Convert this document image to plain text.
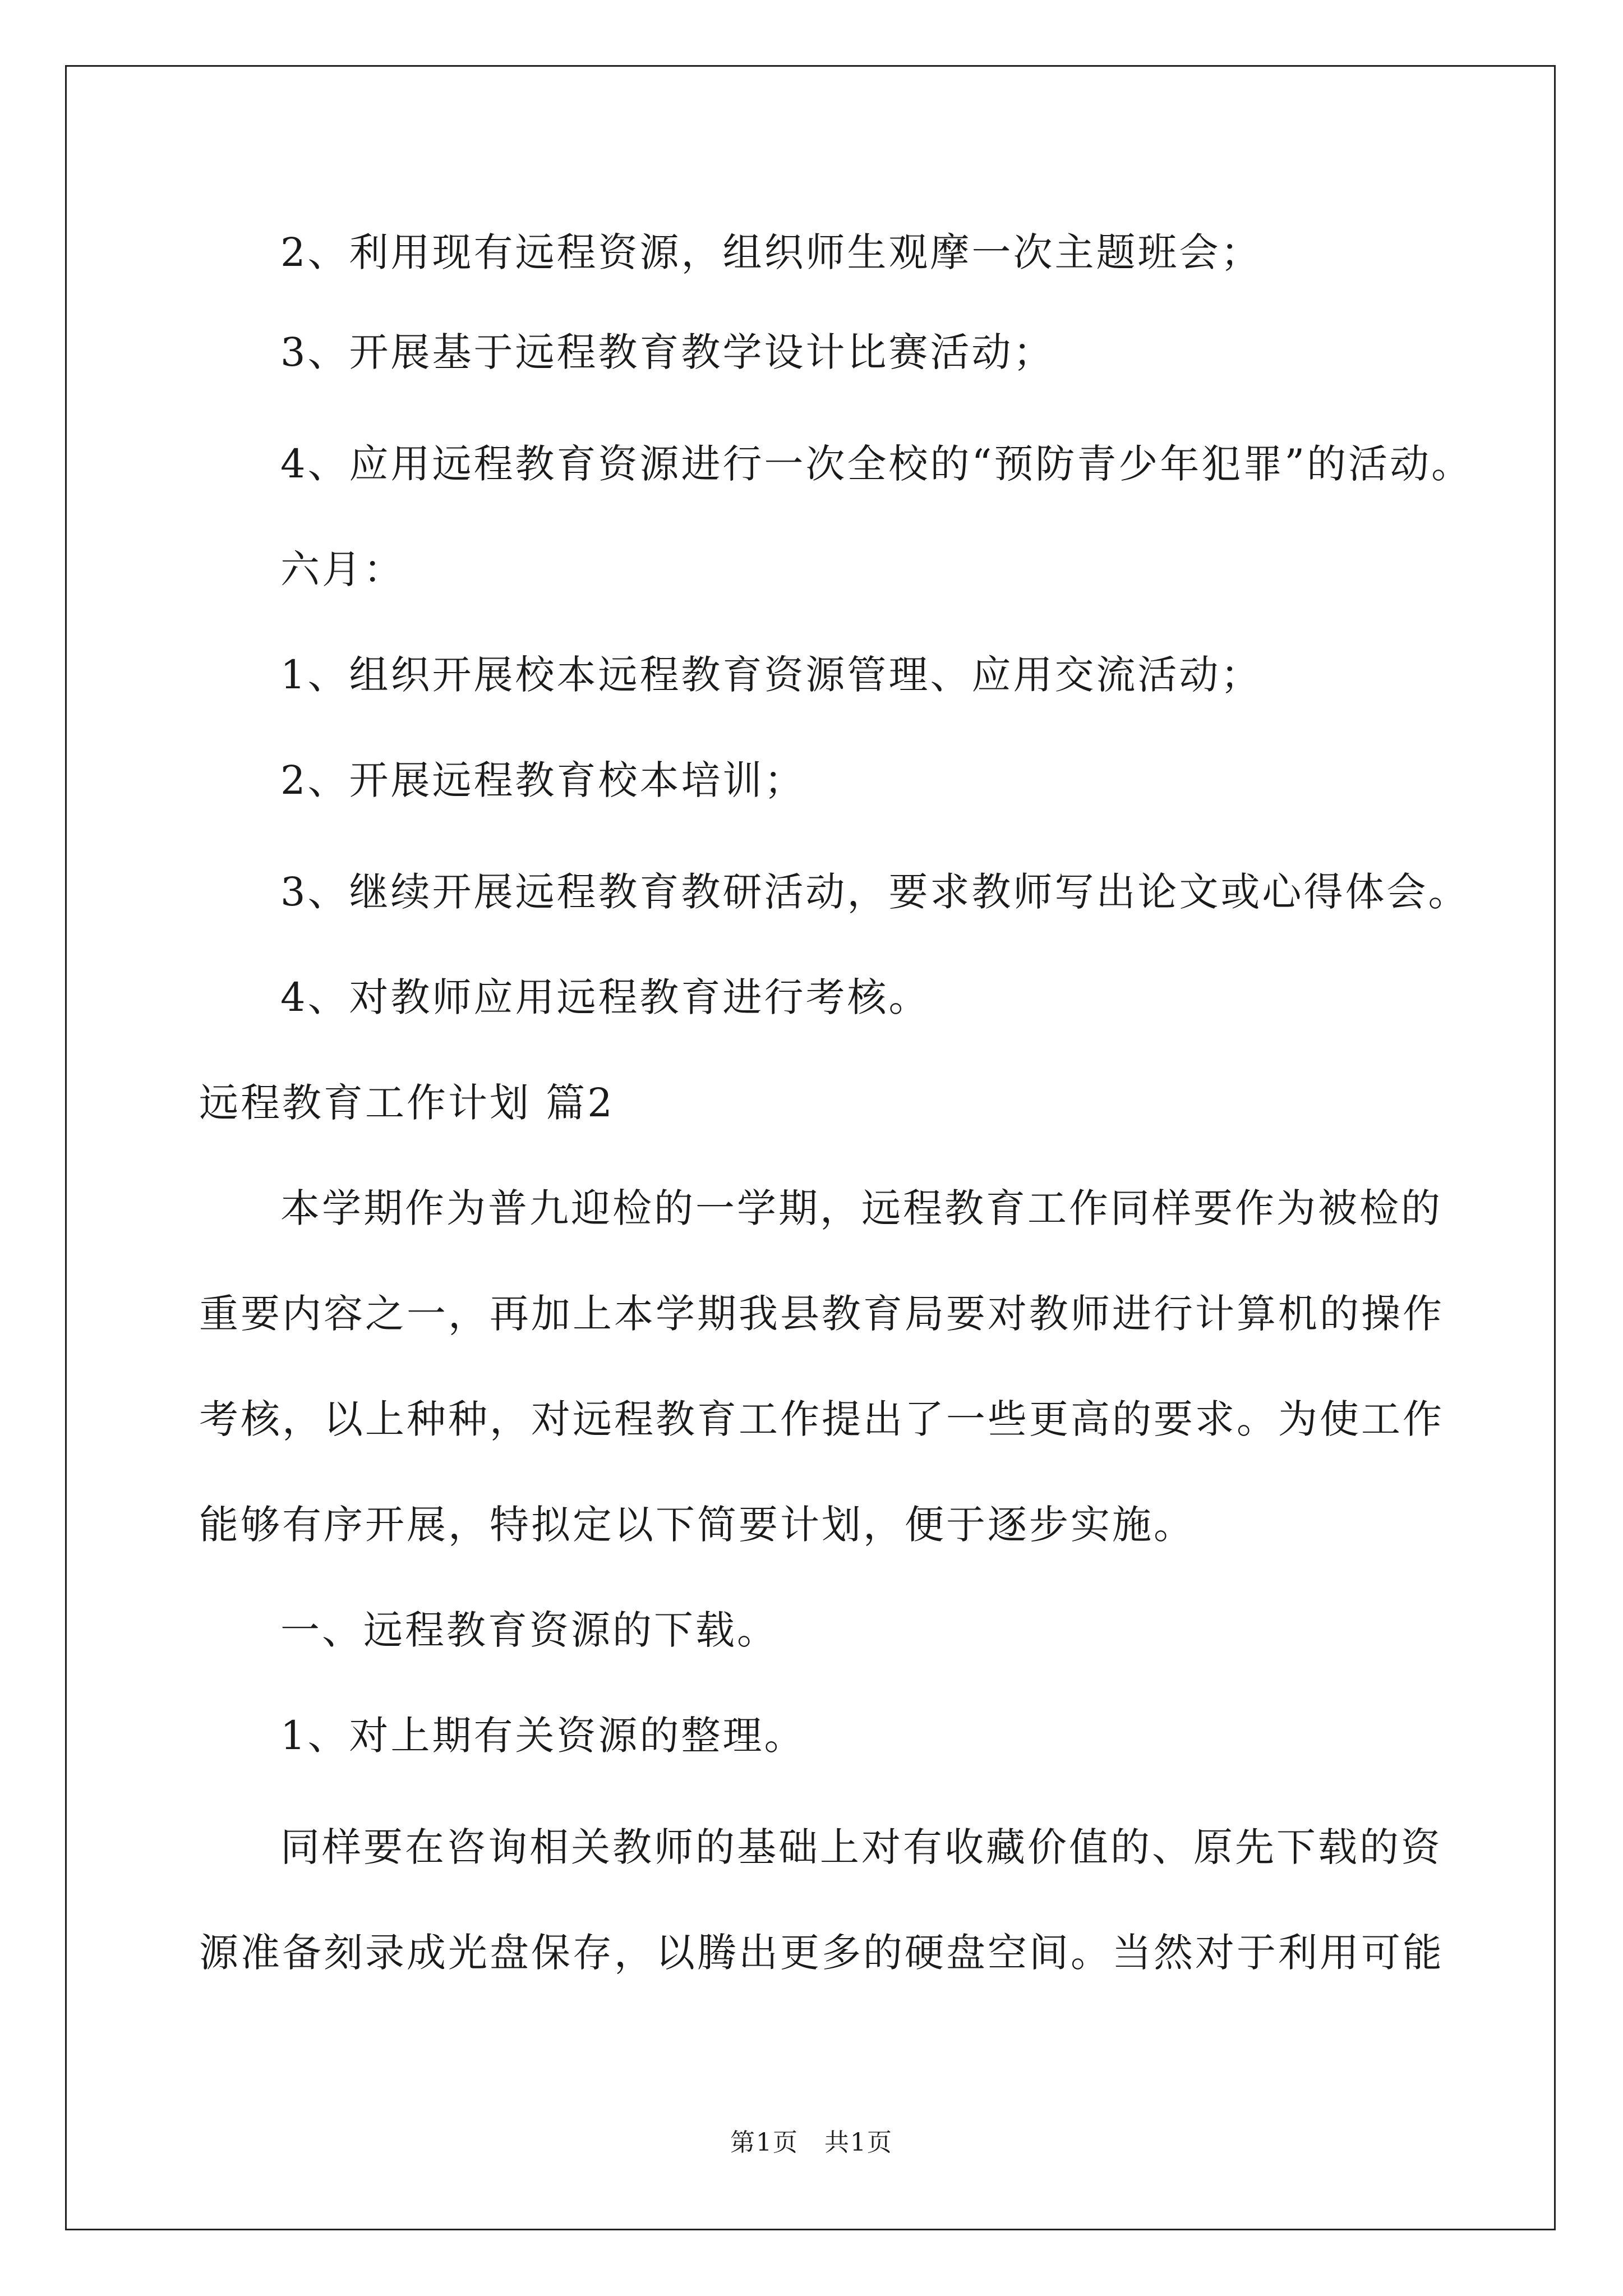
2、利用现有远程资源，组织师生观摩一次主题班会；
3、开展基于远程教育教学设计比赛活动；
4、应用远程教育资源进行一次全校的“预防青少年犯罪”的活动。
六月：
1、组织开展校本远程教育资源管理、应用交流活动；
2、开展远程教育校本培训；
3、继续开展远程教育教研活动，要求教师写出论文或心得体会。
4、对教师应用远程教育进行考核。
远程教育工作计划 篇2
本学期作为普九迎检的一学期，远程教育工作同样要作为被检的
重要内容之一，再加上本学期我县教育局要对教师进行计算机的操作
考核，以上种种，对远程教育工作提出了一些更高的要求。为使工作
能够有序开展，特拟定以下简要计划，便于逐步实施。
一、远程教育资源的下载。
1、对上期有关资源的整理。
同样要在咨询相关教师的基础上对有收藏价值的、原先下载的资
源准备刻录成光盘保存，以腾出更多的硬盘空间。当然对于利用可能
第1页　共1页
